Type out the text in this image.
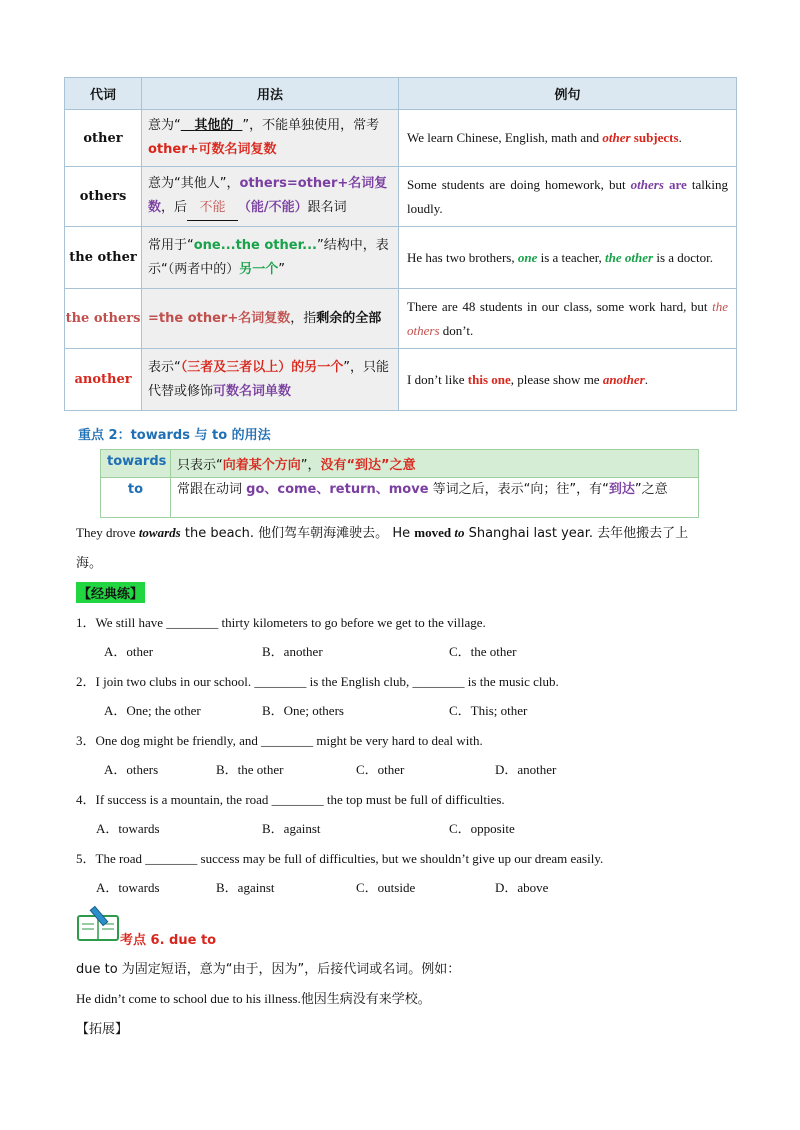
代词	用法	例句
other	意为“ 其他的 ”，不能单独使用，常考 other+可数名词复数	We learn Chinese, English, math and other subjects.
others	意为“其他人”，others=other+名词复数，后 不能 （能/不能）跟名词	Some students are doing homework, but others are talking loudly.
the other	常用于“one...the other...”结构中，表示“（两者中的）另一个”	He has two brothers, one is a teacher, the other is a doctor.
the others	=the other+名词复数，指剩余的全部	There are 48 students in our class, some work hard, but the others don’t.
another	表示“（三者及三者以上）的另一个”，只能代替或修饰可数名词单数	I don’t like this one, please show me another.
重点 2：towards 与 to 的用法
towards	只表示“向着某个方向”，没有“到达”之意
to	常跟在动词 go、come、return、move 等词之后，表示“向；往”，有“到达”之意
They drove towards the beach. 他们驾车朝海滩驶去。 He moved to Shanghai last year. 去年他搬去了上
海。
【经典练】
1．We still have ________ thirty kilometers to go before we get to the village.
A．other	B．another	C．the other
2．I join two clubs in our school. ________ is the English club, ________ is the music club.
A．One; the other	B．One; others	C．This; other
3．One dog might be friendly, and ________ might be very hard to deal with.
A．others	B．the other	C．other	D．another
4．If success is a mountain, the road ________ the top must be full of difficulties.
A．towards	B．against	C．opposite
5．The road ________ success may be full of difficulties, but we shouldn’t give up our dream easily.
A．towards	B．against	C．outside	D．above
考点 6. due to
due to 为固定短语，意为“由于，因为”，后接代词或名词。例如：
He didn’t come to school due to his illness.他因生病没有来学校。
【拓展】
